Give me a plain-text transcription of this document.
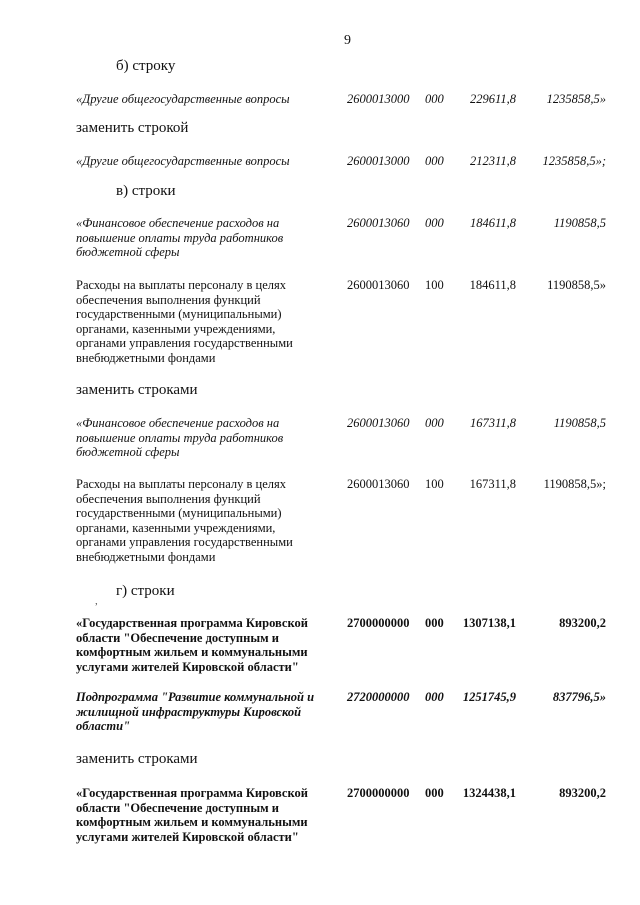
9
б) строку
«Другие общегосударственные вопросы	2600013000 000	229611,8	1235858,5»
заменить строкой
«Другие общегосударственные вопросы	2600013000 000	212311,8	1235858,5»;
в) строки
«Финансовое обеспечение расходов на повышение оплаты труда работников бюджетной сферы
2600013060 000	184611,8	1190858,5
Расходы на выплаты персоналу в целях обеспечения выполнения функций государственными (муниципальными) органами, казенными учреждениями, органами управления государственными внебюджетными фондами
2600013060 100	184611,8	1190858,5»
заменить строками
«Финансовое обеспечение расходов на повышение оплаты труда работников бюджетной сферы
2600013060 000	167311,8	1190858,5
Расходы на выплаты персоналу в целях обеспечения выполнения функций государственными (муниципальными) органами, казенными учреждениями, органами управления государственными внебюджетными фондами
2600013060 100	167311,8	1190858,5»;
,
г) строки
«Государственная программа Кировской области "Обеспечение доступным и комфортным жильем и коммунальными услугами жителей Кировской области"
2700000000 000	1307138,1	893200,2
Подпрограмма "Развитие коммунальной и жилищной инфраструктуры Кировской области"
2720000000 000	1251745,9	837796,5»
заменить строками
«Государственная программа Кировской области "Обеспечение доступным и комфортным жильем и коммунальными услугами жителей Кировской области"
2700000000 000	1324438,1	893200,2
